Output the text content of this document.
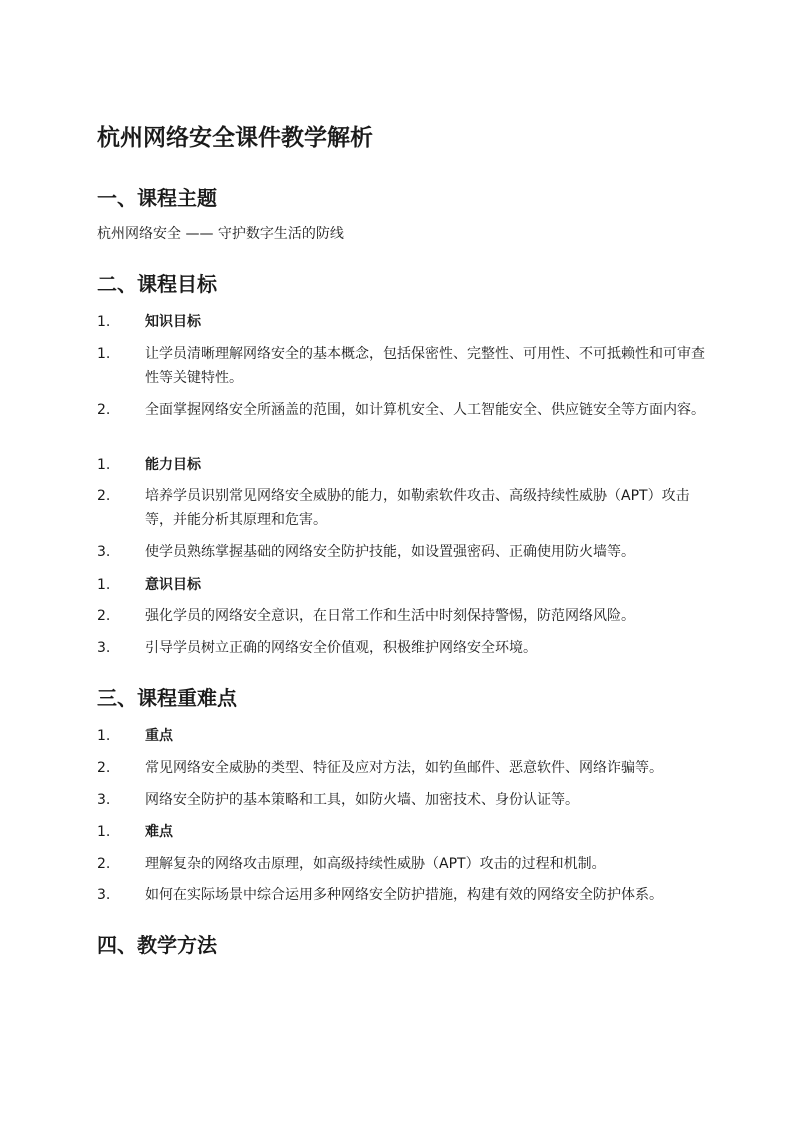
杭州网络安全课件教学解析
一、课程主题

杭州网络安全 —— 守护数字生活的防线

二、课程目标
1.	知识目标
1.	让学员清晰理解网络安全的基本概念，包括保密性、完整性、可用性、不可抵赖性和可审查性等关键特性。
2.	全面掌握网络安全所涵盖的范围，如计算机安全、人工智能安全、供应链安全等方面内容。
1.	能力目标
2.	培养学员识别常见网络安全威胁的能力，如勒索软件攻击、高级持续性威胁（APT）攻击等，并能分析其原理和危害。
3.	使学员熟练掌握基础的网络安全防护技能，如设置强密码、正确使用防火墙等。
1.	意识目标
2.	强化学员的网络安全意识，在日常工作和生活中时刻保持警惕，防范网络风险。
3.	引导学员树立正确的网络安全价值观，积极维护网络安全环境。
三、课程重难点
1.	重点
2.	常见网络安全威胁的类型、特征及应对方法，如钓鱼邮件、恶意软件、网络诈骗等。
3.	网络安全防护的基本策略和工具，如防火墙、加密技术、身份认证等。
1.	难点
2.	理解复杂的网络攻击原理，如高级持续性威胁（APT）攻击的过程和机制。
3.	如何在实际场景中综合运用多种网络安全防护措施，构建有效的网络安全防护体系。
四、教学方法
